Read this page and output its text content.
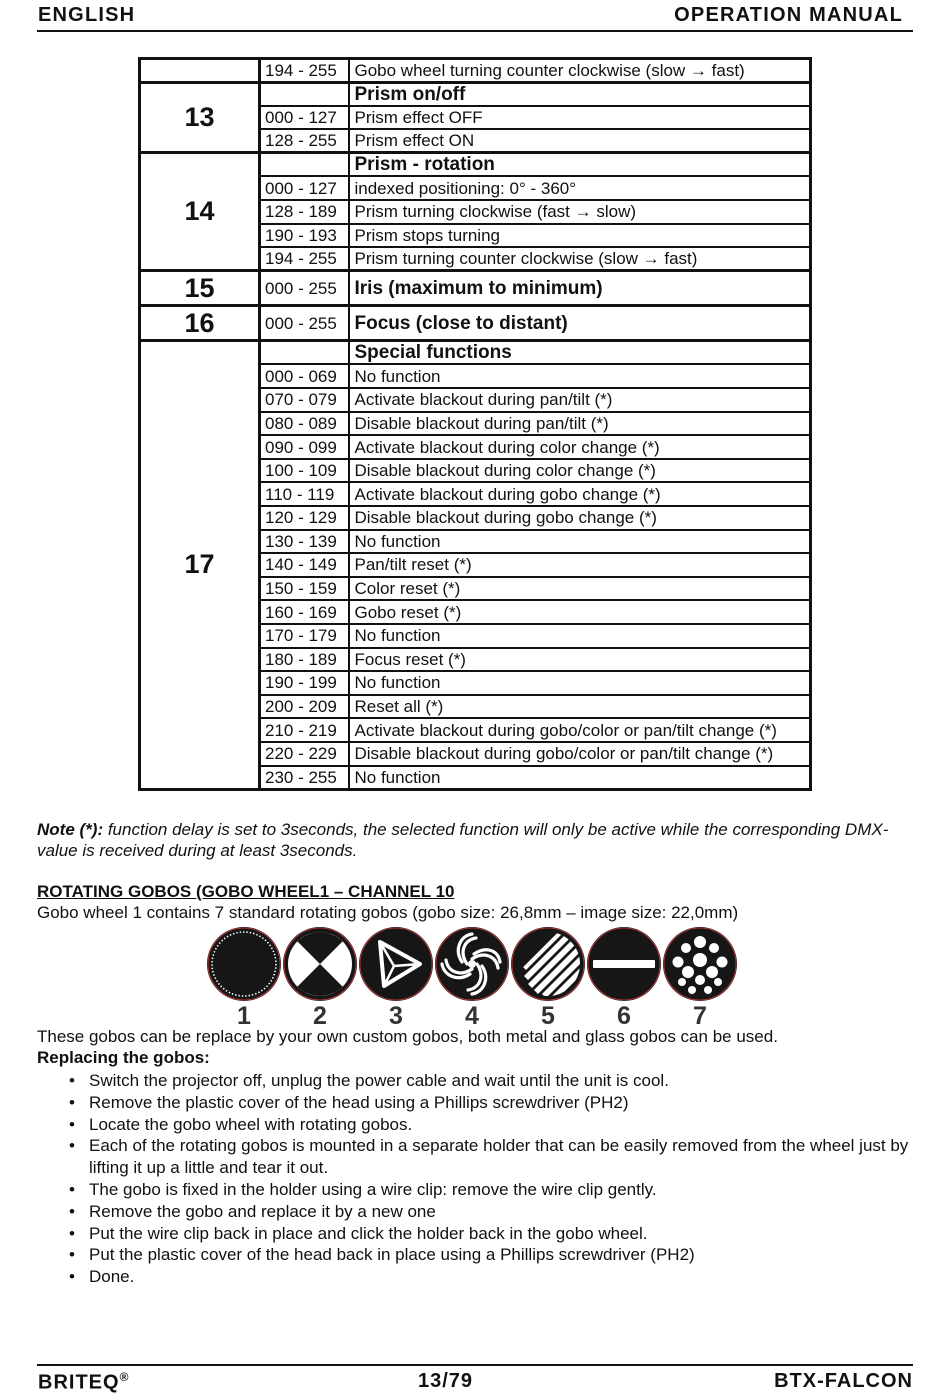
ENGLISH	OPERATION MANUAL
	194 - 255	Gobo wheel turning counter clockwise (slow → fast)
13		Prism on/off
	000 - 127	Prism effect OFF
	128 - 255	Prism effect ON
14		Prism - rotation
	000 - 127	indexed positioning: 0° - 360°
	128 - 189	Prism turning clockwise (fast → slow)
	190 - 193	Prism stops turning
	194 - 255	Prism turning counter clockwise (slow → fast)
15	000 - 255	Iris (maximum to minimum)
16	000 - 255	Focus (close to distant)
17		Special functions
	000 - 069	No function
	070 - 079	Activate blackout during pan/tilt (*)
	080 - 089	Disable blackout during pan/tilt (*)
	090 - 099	Activate blackout during color change (*)
	100 - 109	Disable blackout during color change (*)
	110 - 119	Activate blackout during gobo change (*)
	120 - 129	Disable blackout during gobo change (*)
	130 - 139	No function
	140 - 149	Pan/tilt reset (*)
	150 - 159	Color reset (*)
	160 - 169	Gobo reset (*)
	170 - 179	No function
	180 - 189	Focus reset (*)
	190 - 199	No function
	200 - 209	Reset all (*)
	210 - 219	Activate blackout during gobo/color or pan/tilt change (*)
	220 - 229	Disable blackout during gobo/color or pan/tilt change (*)
	230 - 255	No function
Note (*): function delay is set to 3seconds, the selected function will only be active while the corresponding DMX-value is received during at least 3seconds.
ROTATING GOBOS (GOBO WHEEL1 – CHANNEL 10
Gobo wheel 1 contains 7 standard rotating gobos (gobo size: 26,8mm – image size: 22,0mm)
1	2	3	4	5	6	7
These gobos can be replace by your own custom gobos, both metal and glass gobos can be used.
Replacing the gobos:
• Switch the projector off, unplug the power cable and wait until the unit is cool.
• Remove the plastic cover of the head using a Phillips screwdriver (PH2)
• Locate the gobo wheel with rotating gobos.
• Each of the rotating gobos is mounted in a separate holder that can be easily removed from the wheel just by lifting it up a little and tear it out.
• The gobo is fixed in the holder using a wire clip: remove the wire clip gently.
• Remove the gobo and replace it by a new one
• Put the wire clip back in place and click the holder back in the gobo wheel.
• Put the plastic cover of the head back in place using a Phillips screwdriver (PH2)
• Done.
BRITEQ®	13/79	BTX-FALCON
